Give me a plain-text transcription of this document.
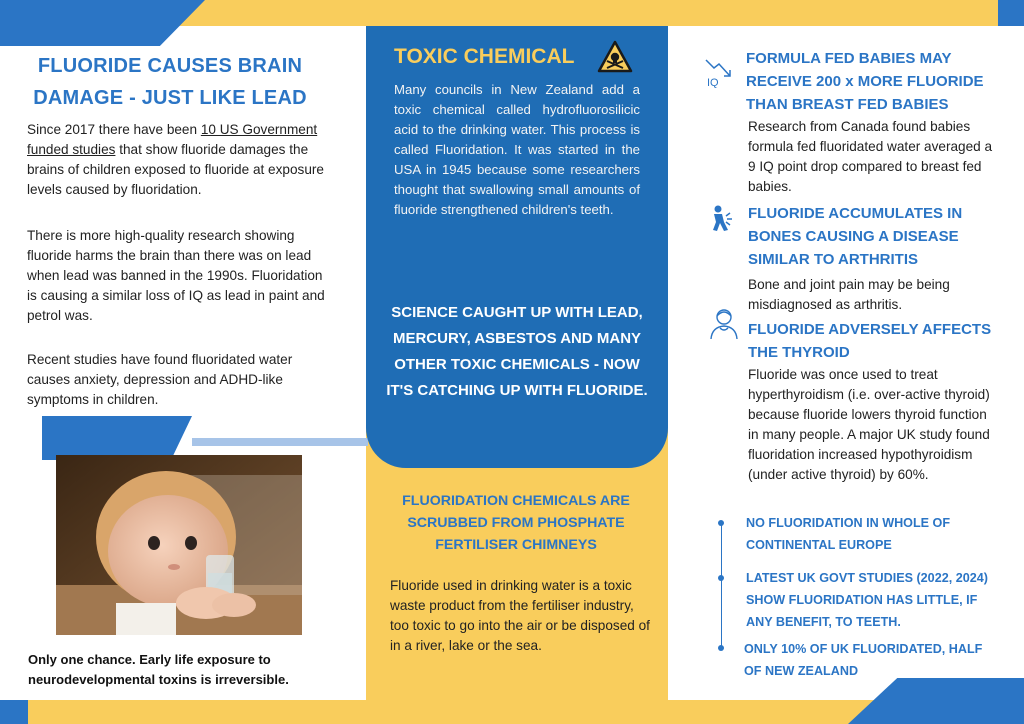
FLUORIDE CAUSES BRAIN DAMAGE - JUST LIKE LEAD
Since 2017 there have been 10 US Government funded studies that show fluoride damages the brains of children exposed to fluoride at exposure levels caused by fluoridation.
There is more high-quality research showing fluoride harms the brain than there was on lead when lead was banned in the 1990s. Fluoridation is causing a similar loss of IQ as lead in paint and petrol was.
Recent studies have found fluoridated water causes anxiety, depression and ADHD-like symptoms in children.
Only one chance. Early life exposure to neurodevelopmental toxins is irreversible.
TOXIC CHEMICAL
Many councils in New Zealand add a toxic chemical called hydrofluorosilicic acid to the drinking water. This process is called Fluoridation. It was started in the USA in 1945 because some researchers thought that swallowing small amounts of fluoride strengthened children's teeth.
SCIENCE CAUGHT UP WITH LEAD, MERCURY, ASBESTOS AND MANY OTHER TOXIC CHEMICALS - NOW IT'S CATCHING UP WITH FLUORIDE.
FLUORIDATION CHEMICALS ARE SCRUBBED FROM PHOSPHATE FERTILISER CHIMNEYS
Fluoride used in drinking water is a toxic waste product from the fertiliser industry, too toxic to go into the air or be disposed of in a river, lake or the sea.
IQ
FORMULA FED BABIES MAY RECEIVE 200 x MORE FLUORIDE THAN BREAST FED BABIES
Research from Canada found babies formula fed fluoridated water averaged a 9 IQ point drop compared to breast fed babies.
FLUORIDE ACCUMULATES IN BONES CAUSING A DISEASE SIMILAR TO ARTHRITIS
Bone and joint pain may be being misdiagnosed as arthritis.
FLUORIDE ADVERSELY AFFECTS THE THYROID
Fluoride was once used to treat hyperthyroidism (i.e. over-active thyroid) because fluoride lowers thyroid function in many people. A major UK study found fluoridation increased hypothyroidism (under active thyroid) by 60%.
NO FLUORIDATION IN WHOLE OF CONTINENTAL EUROPE
LATEST UK GOVT STUDIES (2022, 2024) SHOW FLUORIDATION HAS LITTLE, IF ANY BENEFIT, TO TEETH.
ONLY 10% OF UK FLUORIDATED, HALF OF NEW ZEALAND
